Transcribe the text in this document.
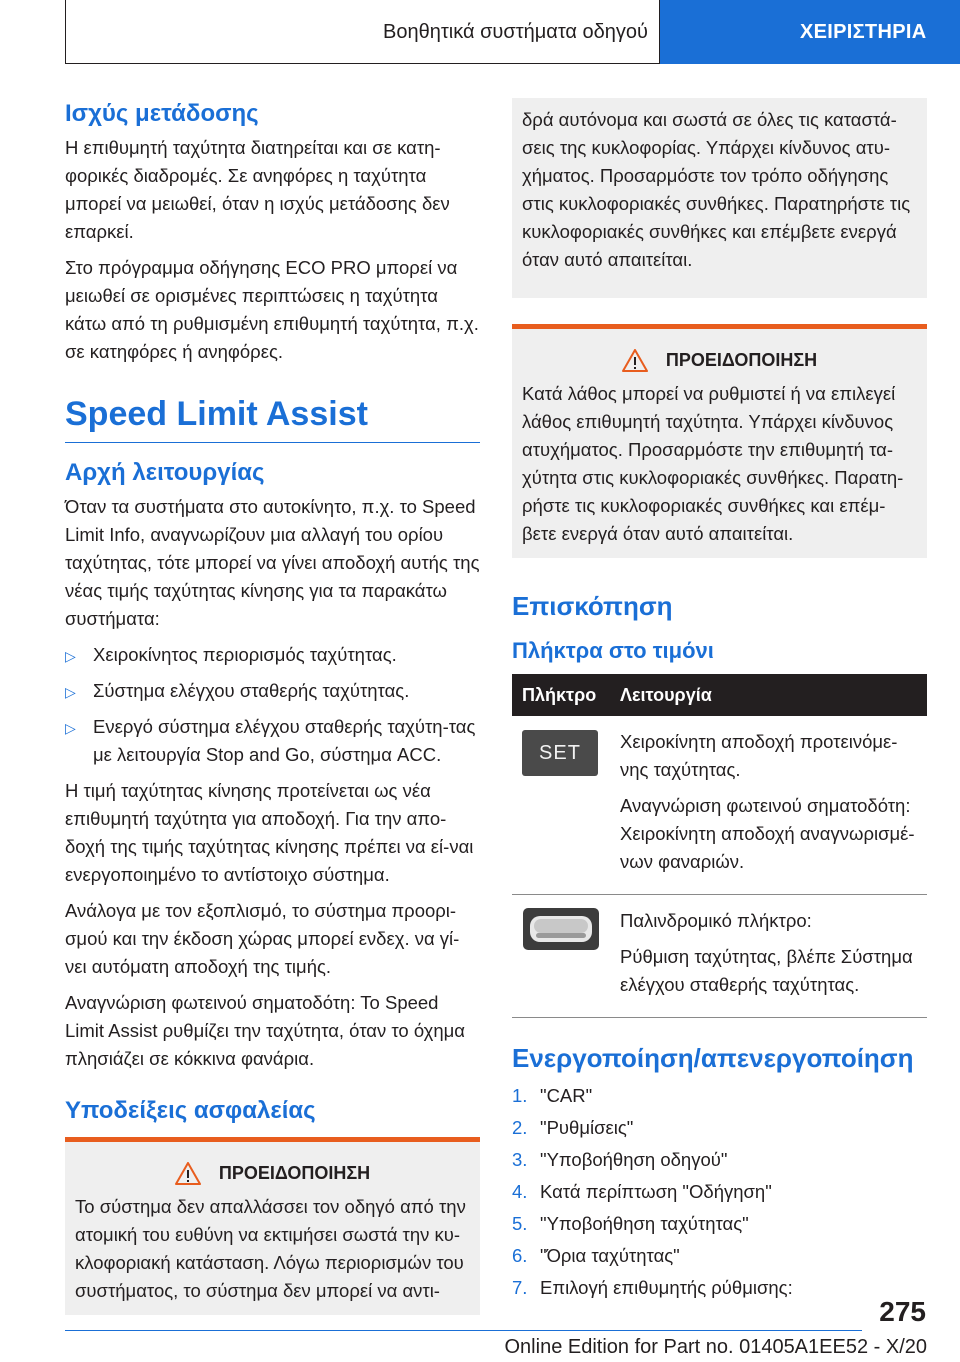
Βοηθητικά συστήματα οδηγού	ΧΕΙΡΙΣΤΗΡΙΑ
Ισχύς μετάδοσης

Η επιθυμητή ταχύτητα διατηρείται και σε κατη-φορικές διαδρομές. Σε ανηφόρες η ταχύτητα μπορεί να μειωθεί, όταν η ισχύς μετάδοσης δεν επαρκεί.

Στο πρόγραμμα οδήγησης ECO PRO μπορεί να μειωθεί σε ορισμένες περιπτώσεις η ταχύτητα κάτω από τη ρυθμισμένη επιθυμητή ταχύτητα, π.χ. σε κατηφόρες ή ανηφόρες.

Speed Limit Assist
Αρχή λειτουργίας

Όταν τα συστήματα στο αυτοκίνητο, π.χ. το Speed Limit Info, αναγνωρίζουν μια αλλαγή του ορίου ταχύτητας, τότε μπορεί να γίνει αποδοχή αυτής της νέας τιμής ταχύτητας κίνησης για τα παρακάτω συστήματα:

▷ Χειροκίνητος περιορισμός ταχύτητας.
▷ Σύστημα ελέγχου σταθερής ταχύτητας.
▷ Ενεργό σύστημα ελέγχου σταθερής ταχύτη-τας με λειτουργία Stop and Go, σύστημα ACC.

Η τιμή ταχύτητας κίνησης προτείνεται ως νέα επιθυμητή ταχύτητα για αποδοχή. Για την απο-δοχή της τιμής ταχύτητας κίνησης πρέπει να εί-ναι ενεργοποιημένο το αντίστοιχο σύστημα.

Ανάλογα με τον εξοπλισμό, το σύστημα προορι-σμού και την έκδοση χώρας μπορεί ενδεχ. να γί-νει αυτόματη αποδοχή της τιμής.

Αναγνώριση φωτεινού σηματοδότη: Το Speed Limit Assist ρυθμίζει την ταχύτητα, όταν το όχημα πλησιάζει σε κόκκινα φανάρια.

Υποδείξεις ασφαλείας
ΠΡΟΕΙΔΟΠΟΙΗΣΗ

Το σύστημα δεν απαλλάσσει τον οδηγό από την ατομική του ευθύνη να εκτιμήσει σωστά την κυ-κλοφοριακή κατάσταση. Λόγω περιορισμών του συστήματος, το σύστημα δεν μπορεί να αντι-

δρά αυτόνομα και σωστά σε όλες τις καταστά-σεις της κυκλοφορίας. Υπάρχει κίνδυνος ατυ-χήματος. Προσαρμόστε τον τρόπο οδήγησης στις κυκλοφοριακές συνθήκες. Παρατηρήστε τις κυκλοφοριακές συνθήκες και επέμβετε ενεργά όταν αυτό απαιτείται.

ΠΡΟΕΙΔΟΠΟΙΗΣΗ

Κατά λάθος μπορεί να ρυθμιστεί ή να επιλεγεί λάθος επιθυμητή ταχύτητα. Υπάρχει κίνδυνος ατυχήματος. Προσαρμόστε την επιθυμητή τα-χύτητα στις κυκλοφοριακές συνθήκες. Παρατη-ρήστε τις κυκλοφοριακές συνθήκες και επέμ-βετε ενεργά όταν αυτό απαιτείται.

Επισκόπηση
Πλήκτρα στο τιμόνι
Πλήκτρο	Λειτουργία

SET	Χειροκίνητη αποδοχή προτεινόμε-νης ταχύτητας.

Αναγνώριση φωτεινού σηματοδότη: Χειροκίνητη αποδοχή αναγνωρισμέ-νων φαναριών.

Παλινδρομικό πλήκτρο:

Ρύθμιση ταχύτητας, βλέπε Σύστημα ελέγχου σταθερής ταχύτητας.

Ενεργοποίηση/απενεργοποίηση
1. "CAR"
2. "Ρυθμίσεις"
3. "Υποβοήθηση οδηγού"
4. Κατά περίπτωση "Οδήγηση"
5. "Υποβοήθηση ταχύτητας"
6. "Όρια ταχύτητας"
7. Επιλογή επιθυμητής ρύθμισης:
275
Online Edition for Part no. 01405A1EE52 - X/20
